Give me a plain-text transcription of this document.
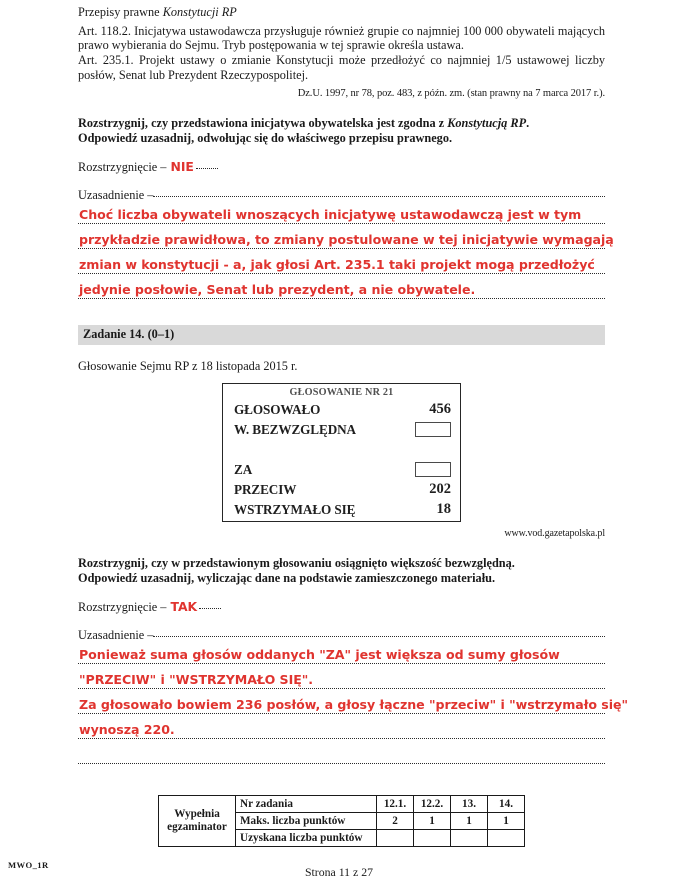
Przepisy prawne Konstytucji RP

Art. 118.2. Inicjatywa ustawodawcza przysługuje również grupie co najmniej 100 000 obywateli mających prawo wybierania do Sejmu. Tryb postępowania w tej sprawie określa ustawa.

Art. 235.1. Projekt ustawy o zmianie Konstytucji może przedłożyć co najmniej 1/5 ustawowej liczby posłów, Senat lub Prezydent Rzeczypospolitej.

Dz.U. 1997, nr 78, poz. 483, z późn. zm. (stan prawny na 7 marca 2017 r.).

Rozstrzygnij, czy przedstawiona inicjatywa obywatelska jest zgodna z Konstytucją RP.
Odpowiedź uzasadnij, odwołując się do właściwego przepisu prawnego.

Rozstrzygnięcie – NIE
Uzasadnienie –
Choć liczba obywateli wnoszących inicjatywę ustawodawczą jest w tym
przykładzie prawidłowa, to zmiany postulowane w tej inicjatywie wymagają
zmian w konstytucji - a, jak głosi Art. 235.1 taki projekt mogą przedłożyć
jedynie posłowie, Senat lub prezydent, a nie obywatele.
Zadanie 14. (0–1)

Głosowanie Sejmu RP z 18 listopada 2015 r.

GŁOSOWANIE NR 21
GŁOSOWAŁO	456
W. BEZWZGLĘDNA
ZA
PRZECIW	202
WSTRZYMAŁO SIĘ	18

www.vod.gazetapolska.pl

Rozstrzygnij, czy w przedstawionym głosowaniu osiągnięto większość bezwzględną.
Odpowiedź uzasadnij, wyliczając dane na podstawie zamieszczonego materiału.

Rozstrzygnięcie – TAK
Uzasadnienie –
Ponieważ suma głosów oddanych "ZA" jest większa od sumy głosów
"PRZECIW" i "WSTRZYMAŁO SIĘ".
Za głosowało bowiem 236 posłów, a głosy łączne "przeciw" i "wstrzymało się"
wynoszą 220.
Wypełnia
egzaminator	Nr zadania	12.1.	12.2.	13.	14.
	Maks. liczba punktów	2	1	1	1
	Uzyskana liczba punktów				
MWO_1R	Strona 11 z 27
